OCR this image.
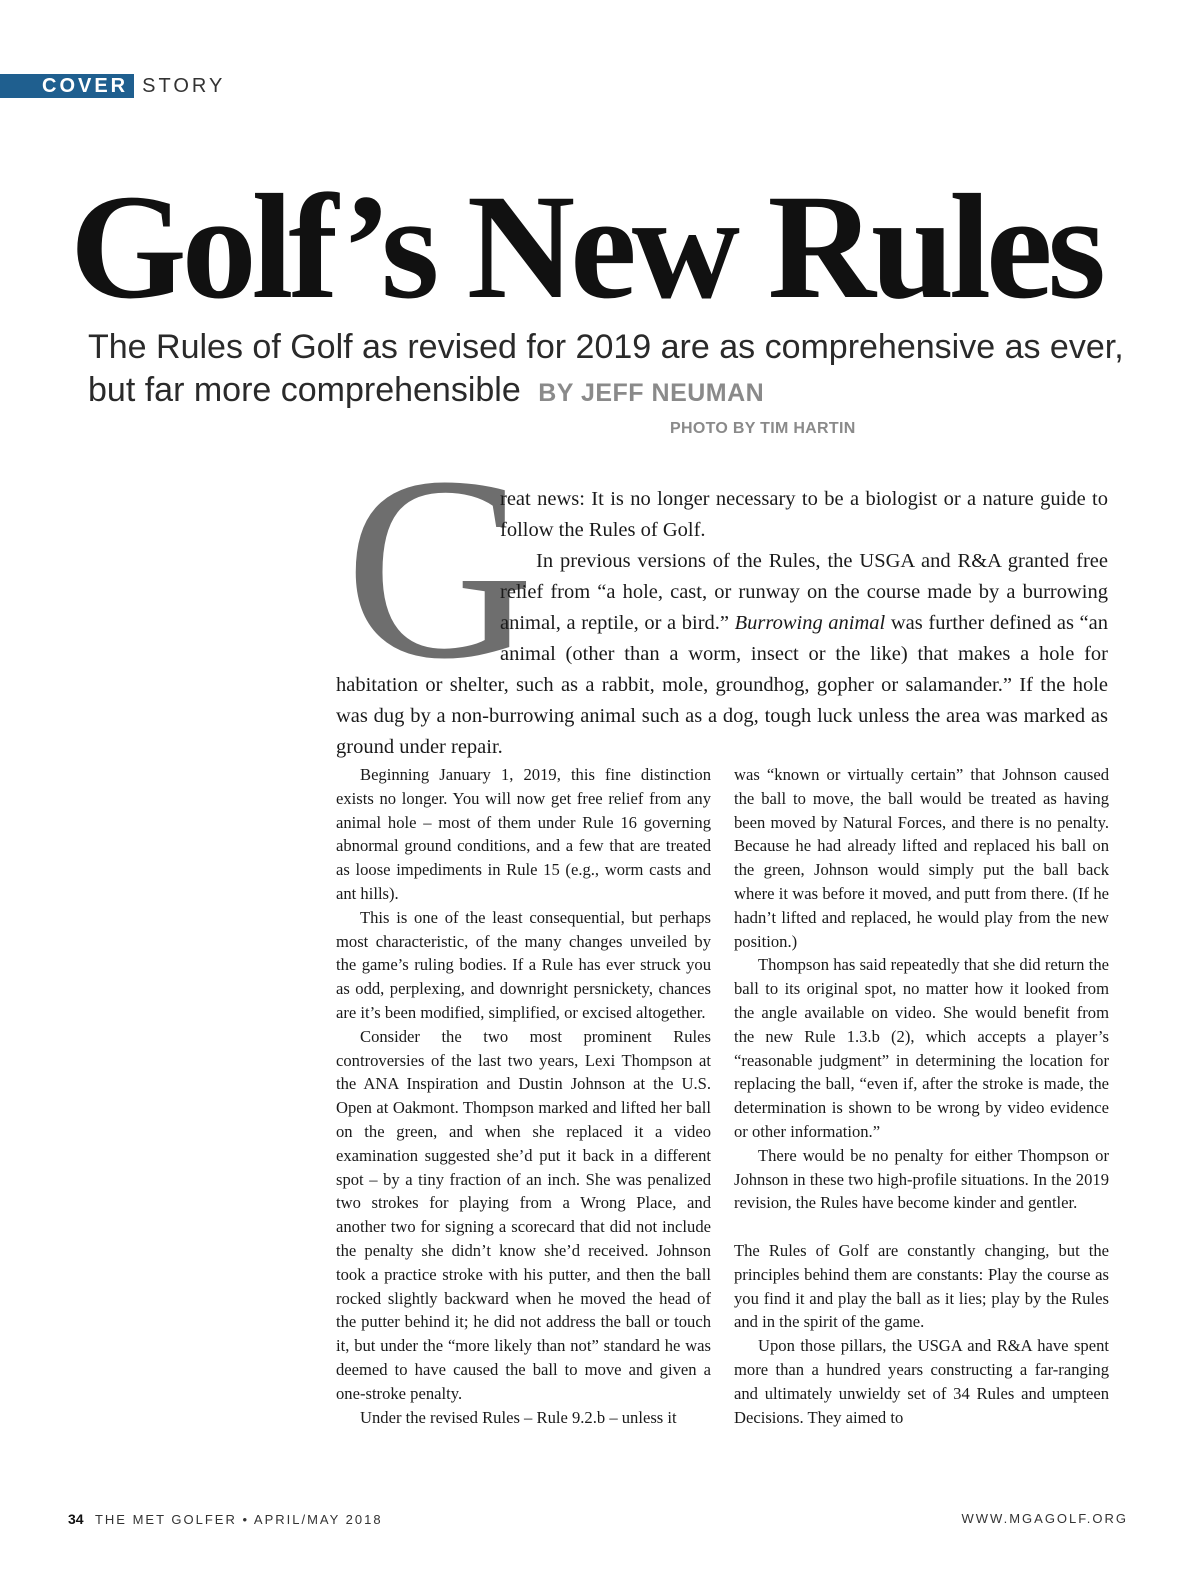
COVER STORY
Golf’s New Rules
The Rules of Golf as revised for 2019 are as comprehensive as ever, but far more comprehensible BY JEFF NEUMAN
PHOTO BY TIM HARTIN
G

reat news: It is no longer necessary to be a biologist or a nature guide to follow the Rules of Golf.

In previous versions of the Rules, the USGA and R&A granted free relief from “a hole, cast, or runway on the course made by a burrowing animal, a reptile, or a bird.” Burrowing animal was further defined as “an animal (other than a worm, insect or the like) that makes a hole for habitation or shelter, such as a rabbit, mole, groundhog, gopher or salamander.” If the hole was dug by a non-burrowing animal such as a dog, tough luck unless the area was marked as ground under repair.

Beginning January 1, 2019, this fine distinction exists no longer. You will now get free relief from any animal hole – most of them under Rule 16 governing abnormal ground conditions, and a few that are treated as loose impediments in Rule 15 (e.g., worm casts and ant hills).

This is one of the least consequential, but perhaps most characteristic, of the many changes unveiled by the game’s ruling bodies. If a Rule has ever struck you as odd, perplexing, and downright persnickety, chances are it’s been modified, simplified, or excised altogether.

Consider the two most prominent Rules controversies of the last two years, Lexi Thompson at the ANA Inspiration and Dustin Johnson at the U.S. Open at Oakmont. Thompson marked and lifted her ball on the green, and when she replaced it a video examination suggested she’d put it back in a different spot – by a tiny fraction of an inch. She was penalized two strokes for playing from a Wrong Place, and another two for signing a scorecard that did not include the penalty she didn’t know she’d received. Johnson took a practice stroke with his putter, and then the ball rocked slightly backward when he moved the head of the putter behind it; he did not address the ball or touch it, but under the “more likely than not” standard he was deemed to have caused the ball to move and given a one-stroke penalty.

Under the revised Rules – Rule 9.2.b – unless it

was “known or virtually certain” that Johnson caused the ball to move, the ball would be treated as having been moved by Natural Forces, and there is no penalty. Because he had already lifted and replaced his ball on the green, Johnson would simply put the ball back where it was before it moved, and putt from there. (If he hadn’t lifted and replaced, he would play from the new position.)

Thompson has said repeatedly that she did return the ball to its original spot, no matter how it looked from the angle available on video. She would benefit from the new Rule 1.3.b (2), which accepts a player’s “reasonable judgment” in determining the location for replacing the ball, “even if, after the stroke is made, the determination is shown to be wrong by video evidence or other information.”

There would be no penalty for either Thompson or Johnson in these two high-profile situations. In the 2019 revision, the Rules have become kinder and gentler.

The Rules of Golf are constantly changing, but the principles behind them are constants: Play the course as you find it and play the ball as it lies; play by the Rules and in the spirit of the game.

Upon those pillars, the USGA and R&A have spent more than a hundred years constructing a far-ranging and ultimately unwieldy set of 34 Rules and umpteen Decisions. They aimed to

34 THE MET GOLFER • APRIL/MAY 2018	WWW.MGAGOLF.ORG
